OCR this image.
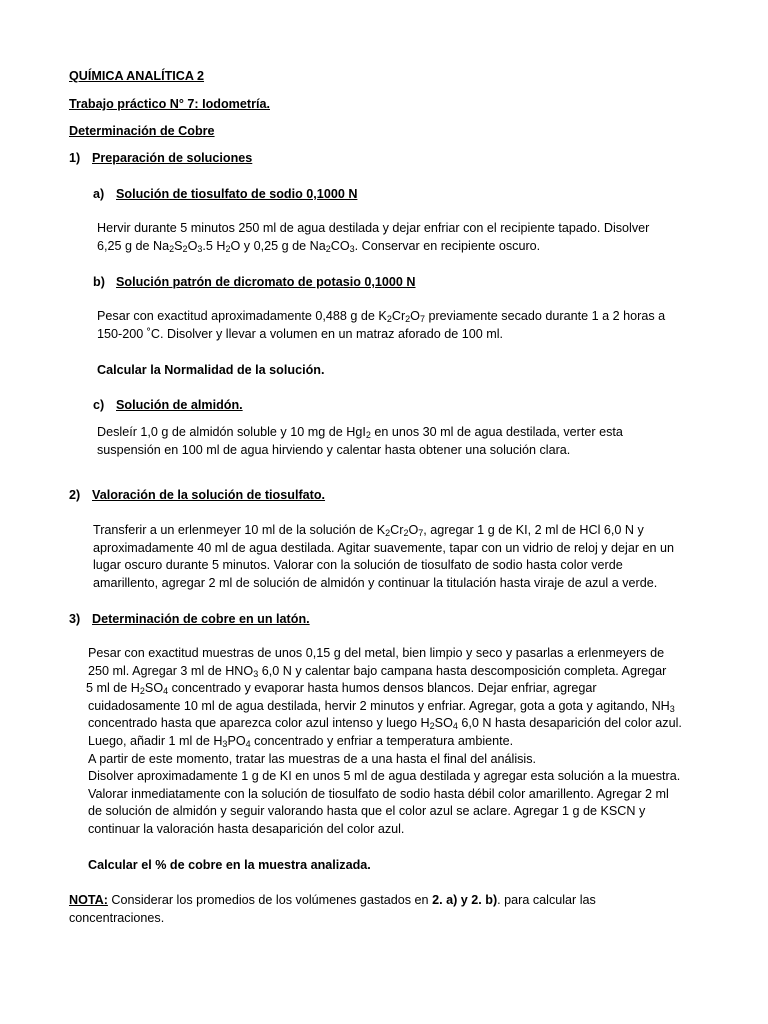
QUÍMICA ANALÍTICA 2
Trabajo práctico N° 7: Iodometría.
Determinación de Cobre
1) Preparación de soluciones
a) Solución de tiosulfato de sodio 0,1000 N

Hervir durante 5 minutos 250 ml de agua destilada y dejar enfriar con el recipiente tapado. Disolver

6,25 g de $Na_2S_2O_3.5$ $H_2O$ y 0,25 g de $Na_2CO_3$. Conservar en recipiente oscuro.

b) Solución patrón de dicromato de potasio 0,1000 N

Pesar con exactitud aproximadamente 0,488 g de $K_2Cr_2O_7$ previamente secado durante 1 a 2 horas a

150-200 ˚C. Disolver y llevar a volumen en un matraz aforado de 100 ml.

Calcular la Normalidad de la solución.
c) Solución de almidón.

Desleír 1,0 g de almidón soluble y 10 mg de HgI$_2$ en unos 30 ml de agua destilada, verter esta

suspensión en 100 ml de agua hirviendo y calentar hasta obtener una solución clara.

2) Valoración de la solución de tiosulfato.

Transferir a un erlenmeyer 10 ml de la solución de $K_2Cr_2O_7$, agregar 1 g de KI, 2 ml de HCl 6,0 N y

aproximadamente 40 ml de agua destilada. Agitar suavemente, tapar con un vidrio de reloj y dejar en un

lugar oscuro durante 5 minutos. Valorar con la solución de tiosulfato de sodio hasta color verde

amarillento, agregar 2 ml de solución de almidón y continuar la titulación hasta viraje de azul a verde.

3) Determinación de cobre en un latón.

Pesar con exactitud muestras de unos 0,15 g del metal, bien limpio y seco y pasarlas a erlenmeyers de

250 ml. Agregar 3 ml de $HNO_3$ 6,0 N y calentar bajo campana hasta descomposición completa. Agregar

5 ml de $H_2SO_4$ concentrado y evaporar hasta humos densos blancos. Dejar enfriar, agregar

cuidadosamente 10 ml de agua destilada, hervir 2 minutos y enfriar. Agregar, gota a gota y agitando, $NH_3$

concentrado hasta que aparezca color azul intenso y luego $H_2SO_4$ 6,0 N hasta desaparición del color azul.

Luego, añadir 1 ml de $H_3PO_4$ concentrado y enfriar a temperatura ambiente.

A partir de este momento, tratar las muestras de a una hasta el final del análisis.

Disolver aproximadamente 1 g de KI en unos 5 ml de agua destilada y agregar esta solución a la muestra.

Valorar inmediatamente con la solución de tiosulfato de sodio hasta débil color amarillento. Agregar 2 ml

de solución de almidón y seguir valorando hasta que el color azul se aclare. Agregar 1 g de KSCN y

continuar la valoración hasta desaparición del color azul.

Calcular el % de cobre en la muestra analizada.

NOTA: Considerar los promedios de los volúmenes gastados en 2. a) y 2. b). para calcular las

concentraciones.
